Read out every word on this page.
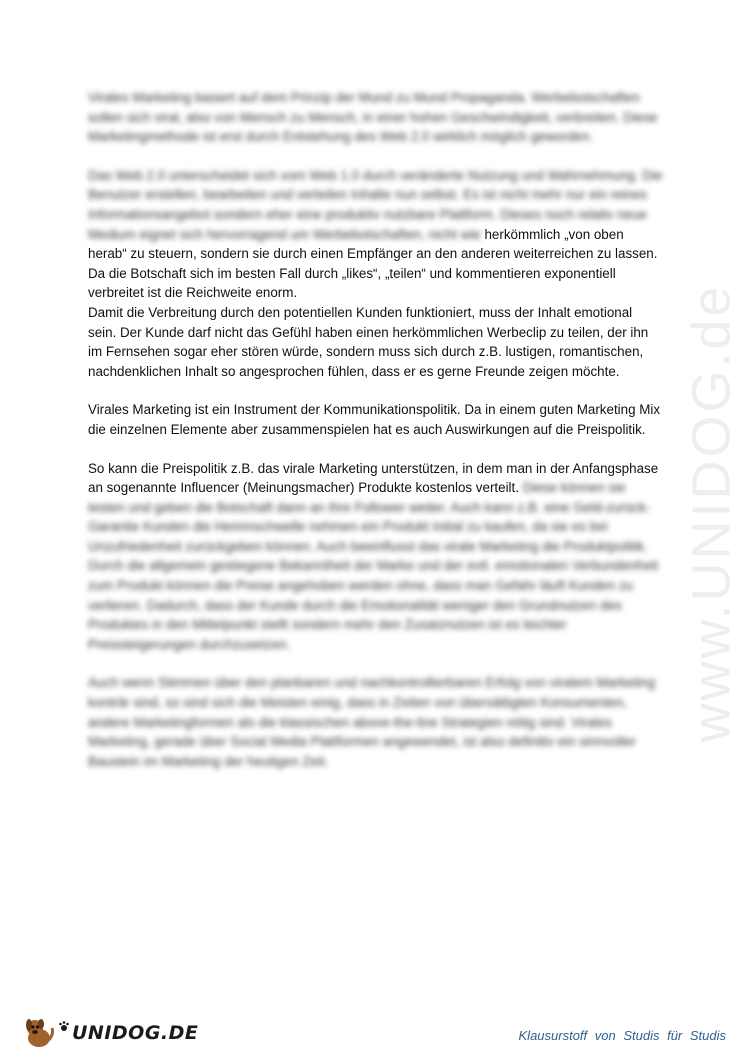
www.UNIDOG.de

Virales Marketing basiert auf dem Prinzip der Mund zu Mund Propaganda. Werbebotschaften sollen sich viral, also von Mensch zu Mensch, in einer hohen Geschwindigkeit, verbreiten. Diese Marketingmethode ist erst durch Entstehung des Web 2.0 wirklich möglich geworden.

Das Web 2.0 unterscheidet sich vom Web 1.0 durch veränderte Nutzung und Wahrnehmung. Die Benutzer erstellen, bearbeiten und verteilen Inhalte nun selbst. Es ist nicht mehr nur ein reines Informationsangebot sondern eher eine produktiv nutzbare Plattform. Dieses noch relativ neue Medium eignet sich hervorragend um Werbebotschaften, nicht wie herkömmlich „von oben herab“ zu steuern, sondern sie durch einen Empfänger an den anderen weiterreichen zu lassen. Da die Botschaft sich im besten Fall durch „likes“, „teilen“ und kommentieren exponentiell verbreitet ist die Reichweite enorm.
Damit die Verbreitung durch den potentiellen Kunden funktioniert, muss der Inhalt emotional sein. Der Kunde darf nicht das Gefühl haben einen herkömmlichen Werbeclip zu teilen, der ihn im Fernsehen sogar eher stören würde, sondern muss sich durch z.B. lustigen, romantischen, nachdenklichen Inhalt so angesprochen fühlen, dass er es gerne Freunde zeigen möchte.

Virales Marketing ist ein Instrument der Kommunikationspolitik. Da in einem guten Marketing Mix die einzelnen Elemente aber zusammenspielen hat es auch Auswirkungen auf die Preispolitik.

So kann die Preispolitik z.B. das virale Marketing unterstützen, in dem man in der Anfangsphase an sogenannte Influencer (Meinungsmacher) Produkte kostenlos verteilt. Diese können sie testen und geben die Botschaft dann an ihre Follower weiter. Auch kann z.B. eine Geld-zurück-Garantie Kunden die Hemmschwelle nehmen ein Produkt initial zu kaufen, da sie es bei Unzufriedenheit zurückgeben können. Auch beeinflusst das virale Marketing die Produktpolitik. Durch die allgemein gestiegene Bekanntheit der Marke und der evtl. emotionalen Verbundenheit zum Produkt können die Preise angehoben werden ohne, dass man Gefahr läuft Kunden zu verlieren. Dadurch, dass der Kunde durch die Emotionalität weniger den Grundnutzen des Produktes in den Mittelpunkt stellt sondern mehr den Zusatznutzen ist es leichter Preissteigerungen durchzusetzen.

Auch wenn Stimmen über den planbaren und nachkontrollierbaren Erfolg von viralem Marketing konträr sind, so sind sich die Meisten einig, dass in Zeiten von übersättigten Konsumenten, andere Marketingformen als die klassischen above-the-line Strategien nötig sind. Virales Marketing, gerade über Social Media Plattformen angewendet, ist also definitiv ein sinnvoller Baustein im Marketing der heutigen Zeit.

UNIDOG.DE	Klausurstoff von Studis für Studis
